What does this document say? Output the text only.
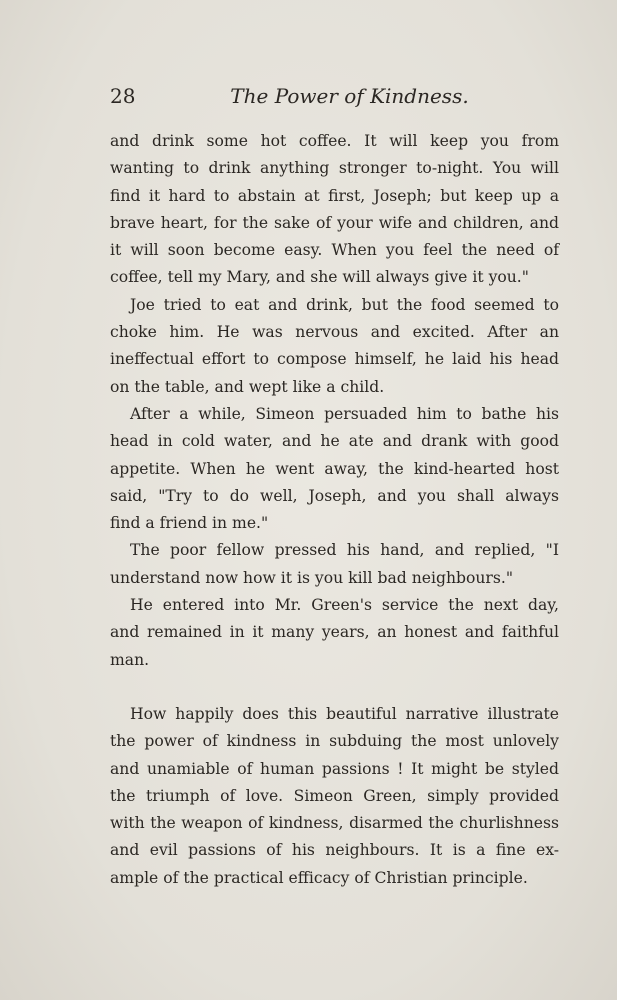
28	The Power of Kindness.
and drink some hot coffee. It will keep you from
wanting to drink anything stronger to-night. You will
find it hard to abstain at first, Joseph; but keep up a
brave heart, for the sake of your wife and children, and
it will soon become easy. When you feel the need of
coffee, tell my Mary, and she will always give it you."
Joe tried to eat and drink, but the food seemed to
choke him. He was nervous and excited. After an
ineffectual effort to compose himself, he laid his head
on the table, and wept like a child.
After a while, Simeon persuaded him to bathe his
head in cold water, and he ate and drank with good
appetite. When he went away, the kind-hearted host
said, "Try to do well, Joseph, and you shall always
find a friend in me."
The poor fellow pressed his hand, and replied, "I
understand now how it is you kill bad neighbours."
He entered into Mr. Green's service the next day,
and remained in it many years, an honest and faithful
man.
How happily does this beautiful narrative illustrate
the power of kindness in subduing the most unlovely
and unamiable of human passions ! It might be styled
the triumph of love. Simeon Green, simply provided
with the weapon of kindness, disarmed the churlishness
and evil passions of his neighbours. It is a fine ex-
ample of the practical efficacy of Christian principle.
